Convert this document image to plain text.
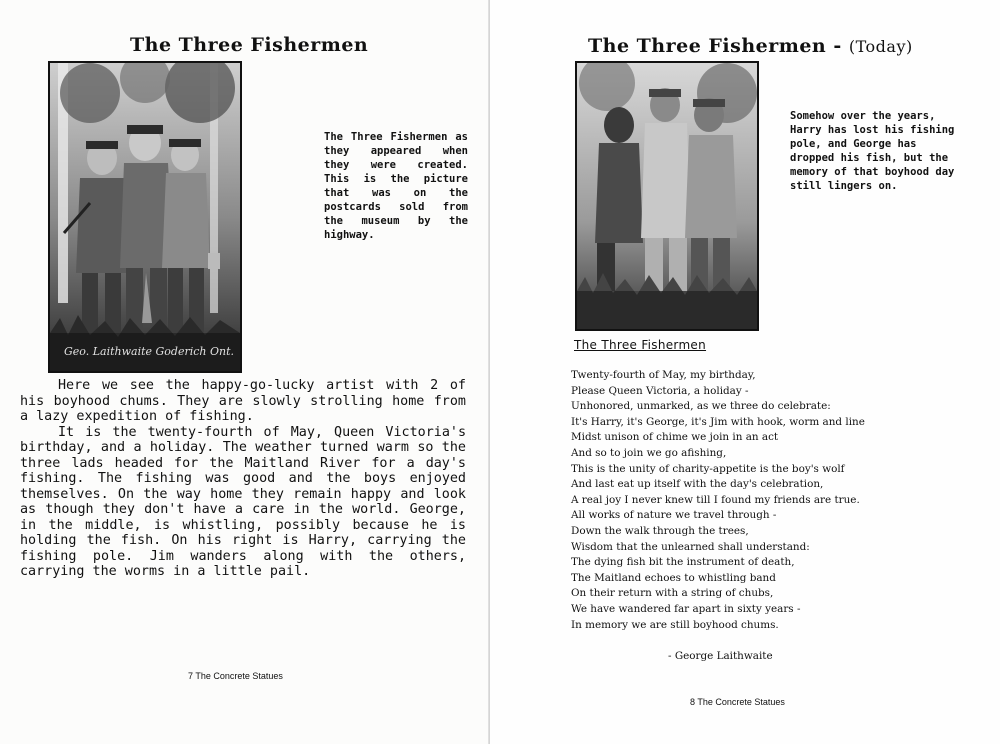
The Three Fishermen
Geo. Laithwaite Goderich Ont.
The Three Fishermen as they appeared when they were created. This is the picture that was on the postcards sold from the museum by the highway.

Here we see the happy-go-lucky artist with 2 of his boyhood chums. They are slowly strolling home from a lazy expedition of fishing.

It is the twenty-fourth of May, Queen Victoria's birthday, and a holiday. The weather turned warm so the three lads headed for the Maitland River for a day's fishing. The fishing was good and the boys enjoyed themselves. On the way home they remain happy and look as though they don't have a care in the world. George, in the middle, is whistling, possibly because he is holding the fish. On his right is Harry, carrying the fishing pole. Jim wanders along with the others, carrying the worms in a little pail.

7 The Concrete Statues
The Three Fishermen - (Today)
Somehow over the years, Harry has lost his fishing pole, and George has dropped his fish, but the memory of that boyhood day still lingers on.
The Three Fishermen
Twenty-fourth of May, my birthday,
Please Queen Victoria, a holiday -
Unhonored, unmarked, as we three do celebrate:
It's Harry, it's George, it's Jim with hook, worm and line
Midst unison of chime we join in an act
And so to join we go afishing,
This is the unity of charity-appetite is the boy's wolf
And last eat up itself with the day's celebration,
A real joy I never knew till I found my friends are true.
All works of nature we travel through -
Down the walk through the trees,
Wisdom that the unlearned shall understand:
The dying fish bit the instrument of death,
The Maitland echoes to whistling band
On their return with a string of chubs,
We have wandered far apart in sixty years -
In memory we are still boyhood chums.
- George Laithwaite
8 The Concrete Statues
